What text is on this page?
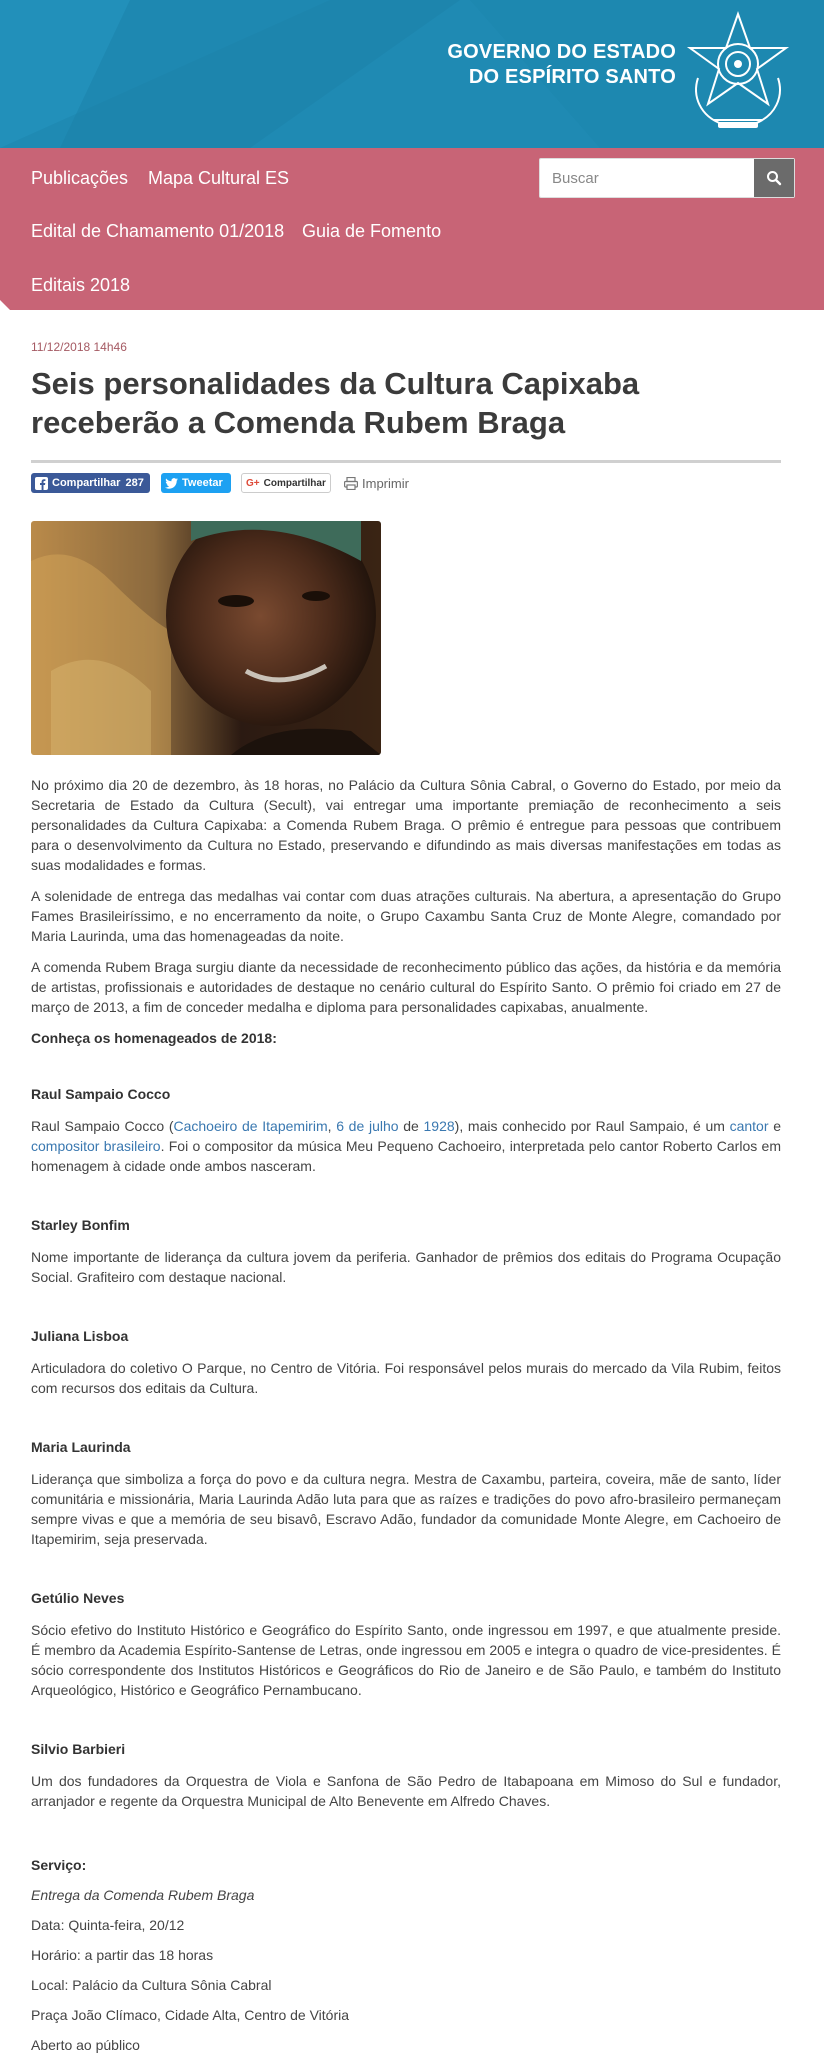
GOVERNO DO ESTADO
DO ESPÍRITO SANTO
Publicações Mapa Cultural ES
Edital de Chamamento 01/2018 Guia de Fomento
Editais 2018
Buscar
11/12/2018 14h46
Seis personalidades da Cultura Capixaba receberão a Comenda Rubem Braga
Compartilhar 287	Tweetar G+ Compartilhar	Imprimir

No próximo dia 20 de dezembro, às 18 horas, no Palácio da Cultura Sônia Cabral, o Governo do Estado, por meio da Secretaria de Estado da Cultura (Secult), vai entregar uma importante premiação de reconhecimento a seis personalidades da Cultura Capixaba: a Comenda Rubem Braga. O prêmio é entregue para pessoas que contribuem para o desenvolvimento da Cultura no Estado, preservando e difundindo as mais diversas manifestações em todas as suas modalidades e formas.

A solenidade de entrega das medalhas vai contar com duas atrações culturais. Na abertura, a apresentação do Grupo Fames Brasileiríssimo, e no encerramento da noite, o Grupo Caxambu Santa Cruz de Monte Alegre, comandado por Maria Laurinda, uma das homenageadas da noite.

A comenda Rubem Braga surgiu diante da necessidade de reconhecimento público das ações, da história e da memória de artistas, profissionais e autoridades de destaque no cenário cultural do Espírito Santo. O prêmio foi criado em 27 de março de 2013, a fim de conceder medalha e diploma para personalidades capixabas, anualmente.

Conheça os homenageados de 2018:
Raul Sampaio Cocco

Raul Sampaio Cocco (Cachoeiro de Itapemirim, 6 de julho de 1928), mais conhecido por Raul Sampaio, é um cantor e compositor brasileiro. Foi o compositor da música Meu Pequeno Cachoeiro, interpretada pelo cantor Roberto Carlos em homenagem à cidade onde ambos nasceram.

Starley Bonfim

Nome importante de liderança da cultura jovem da periferia. Ganhador de prêmios dos editais do Programa Ocupação Social. Grafiteiro com destaque nacional.

Juliana Lisboa

Articuladora do coletivo O Parque, no Centro de Vitória. Foi responsável pelos murais do mercado da Vila Rubim, feitos com recursos dos editais da Cultura.

Maria Laurinda

Liderança que simboliza a força do povo e da cultura negra. Mestra de Caxambu, parteira, coveira, mãe de santo, líder comunitária e missionária, Maria Laurinda Adão luta para que as raízes e tradições do povo afro-brasileiro permaneçam sempre vivas e que a memória de seu bisavô, Escravo Adão, fundador da comunidade Monte Alegre, em Cachoeiro de Itapemirim, seja preservada.

Getúlio Neves

Sócio efetivo do Instituto Histórico e Geográfico do Espírito Santo, onde ingressou em 1997, e que atualmente preside. É membro da Academia Espírito-Santense de Letras, onde ingressou em 2005 e integra o quadro de vice-presidentes. É sócio correspondente dos Institutos Históricos e Geográficos do Rio de Janeiro e de São Paulo, e também do Instituto Arqueológico, Histórico e Geográfico Pernambucano.

Silvio Barbieri

Um dos fundadores da Orquestra de Viola e Sanfona de São Pedro de Itabapoana em Mimoso do Sul e fundador, arranjador e regente da Orquestra Municipal de Alto Benevente em Alfredo Chaves.

Serviço:
Entrega da Comenda Rubem Braga
Data: Quinta-feira, 20/12
Horário: a partir das 18 horas
Local: Palácio da Cultura Sônia Cabral
Praça João Clímaco, Cidade Alta, Centro de Vitória
Aberto ao público
